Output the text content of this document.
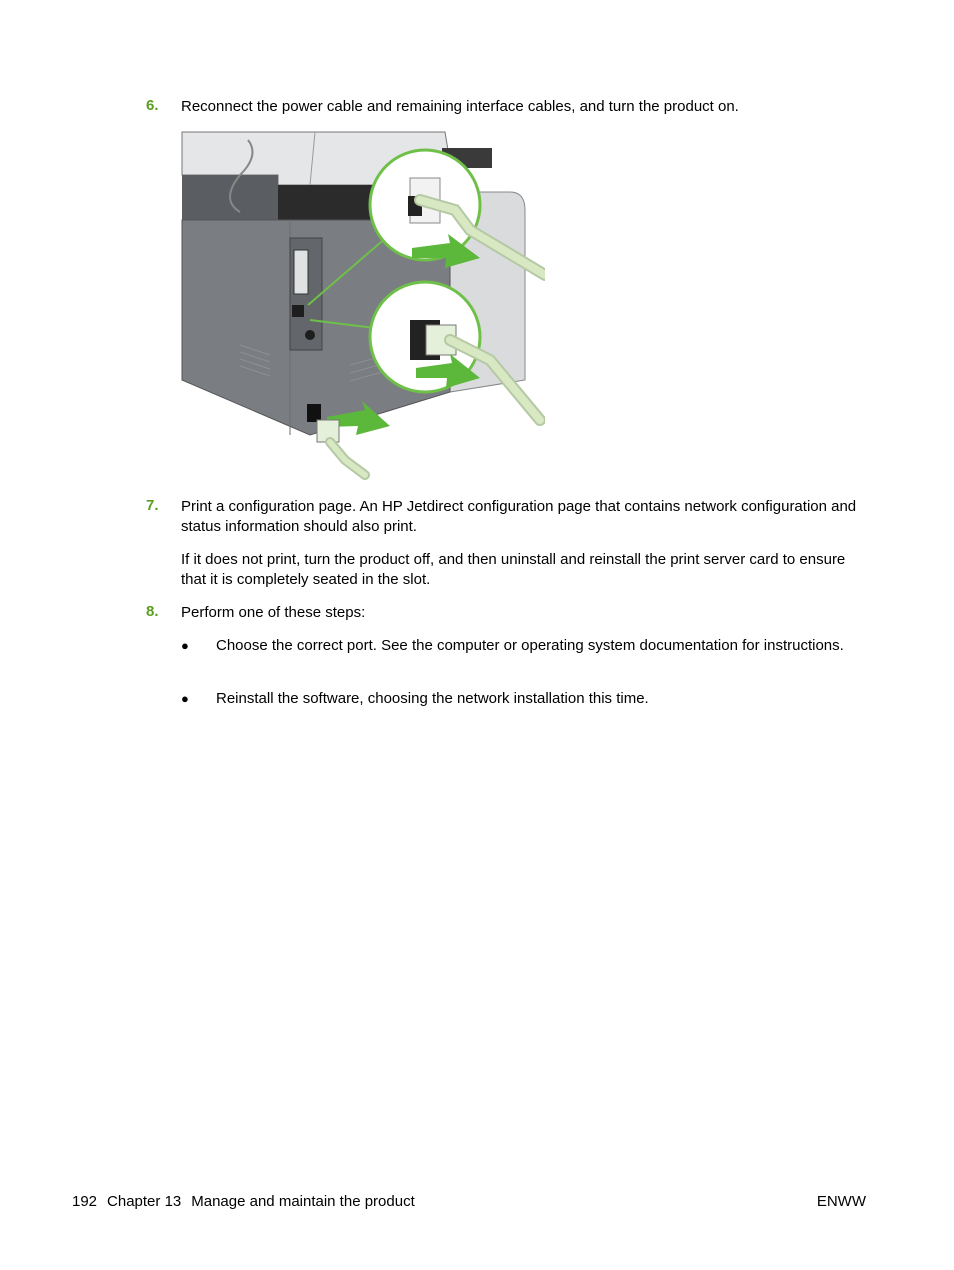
6. Reconnect the power cable and remaining interface cables, and turn the product on.

7. Print a configuration page. An HP Jetdirect configuration page that contains network configuration and status information should also print.

If it does not print, turn the product off, and then uninstall and reinstall the print server card to ensure that it is completely seated in the slot.

8. Perform one of these steps:

● Choose the correct port. See the computer or operating system documentation for instructions.

● Reinstall the software, choosing the network installation this time.

192 Chapter 13 Manage and maintain the product	ENWW
